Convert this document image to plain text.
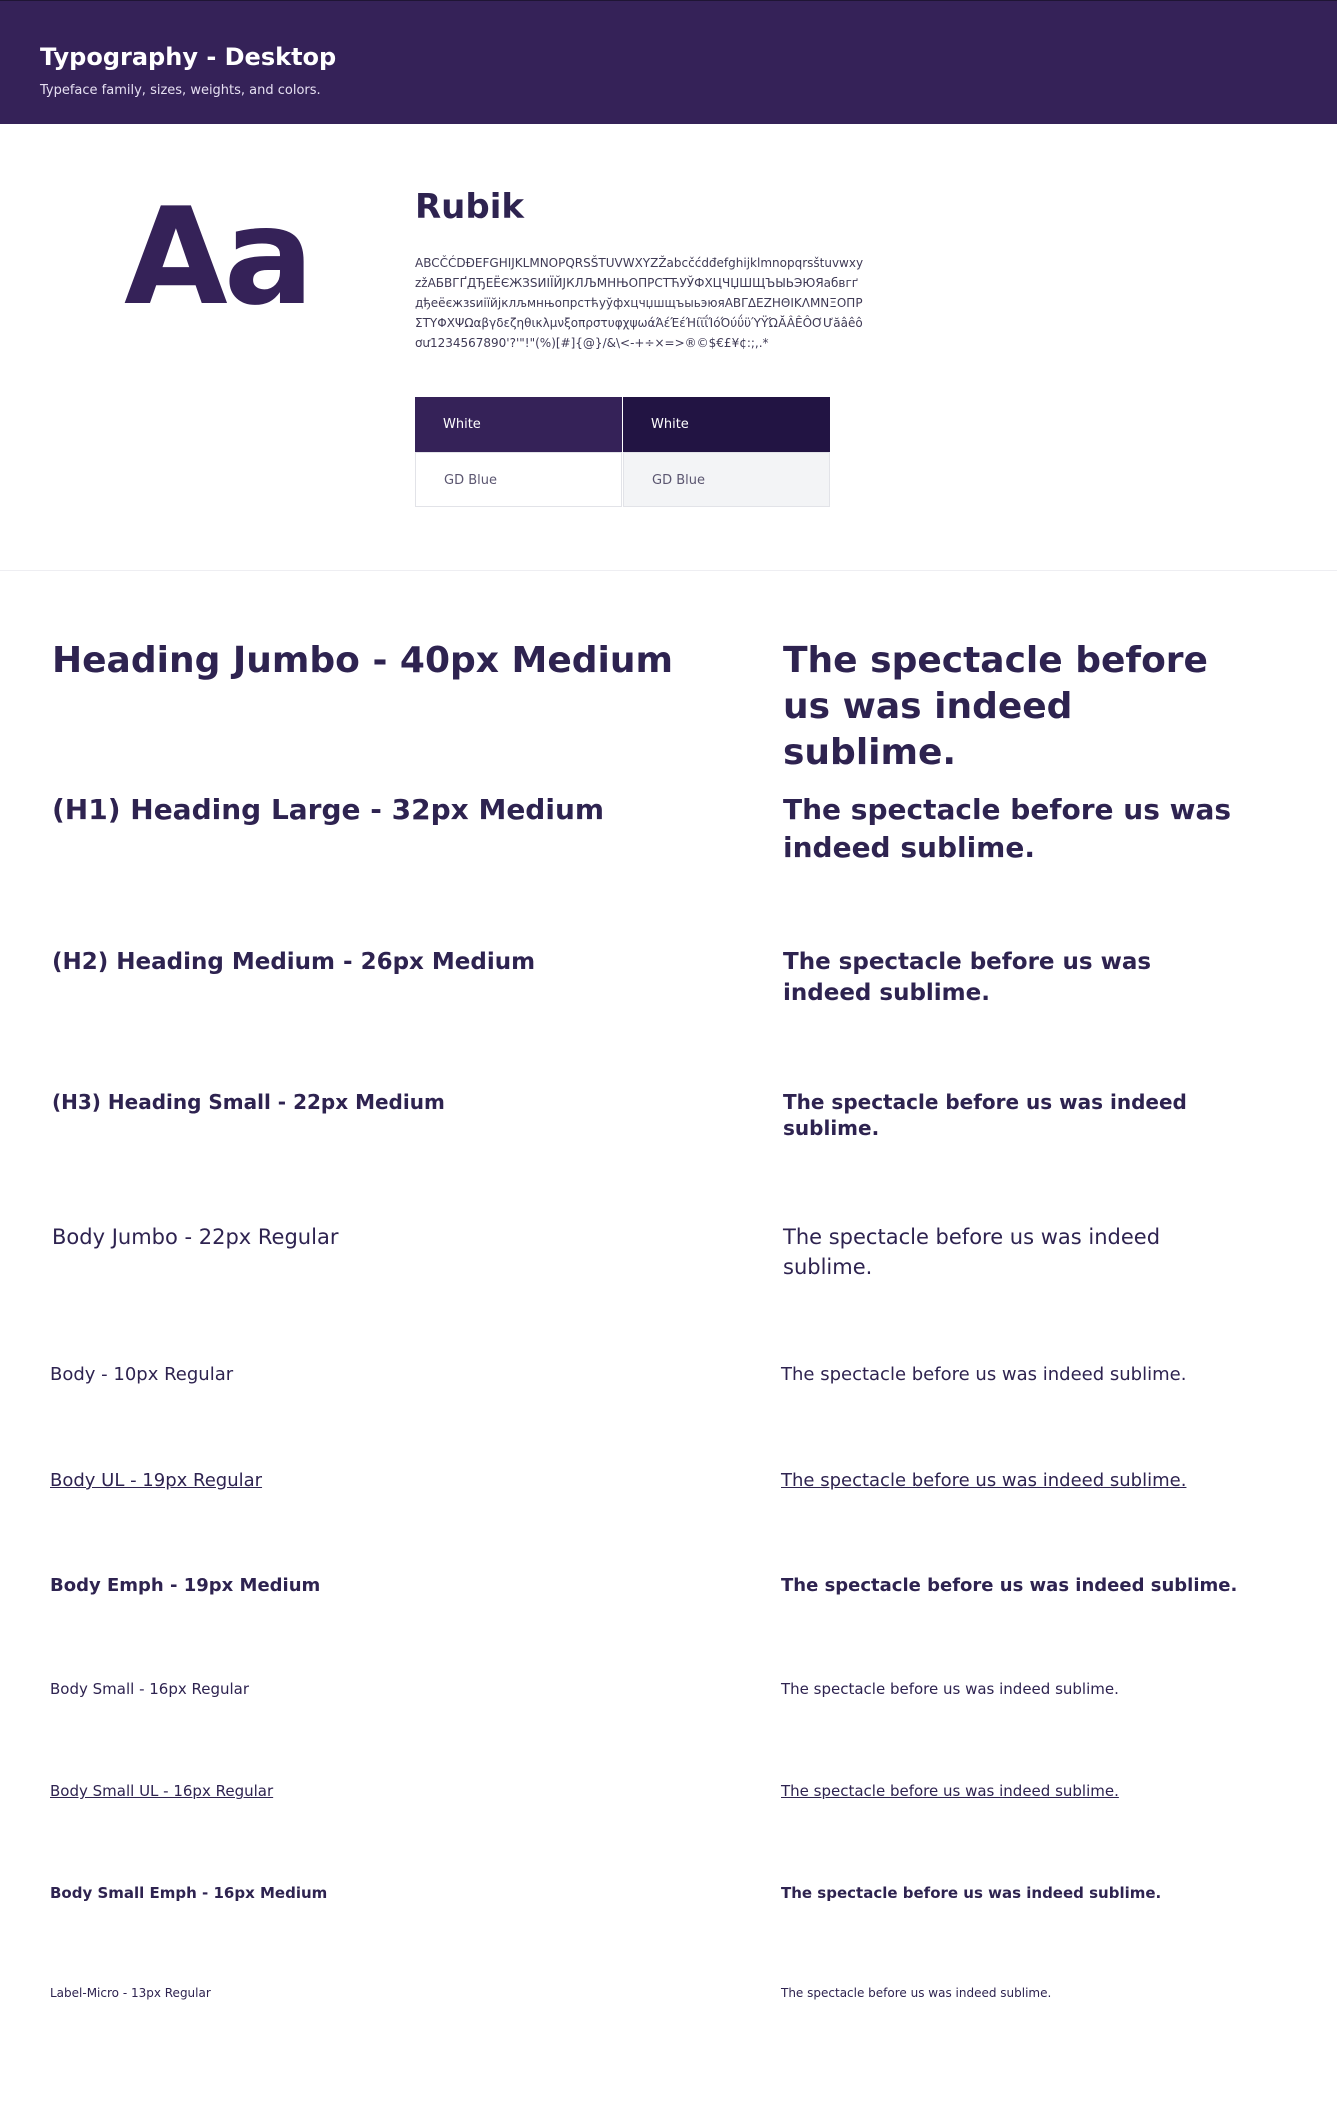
Typography - Desktop
Typeface family, sizes, weights, and colors.
Aa	Rubik
ABCČĆDĐEFGHIJKLMNOPQRSŠTUVWXYZŽabcčćdđefghijklmnopqrsštuvwxyzžАБВГҐДЂЕЁЄЖЗЅИІЇЙЈКЛЉМНЊОПРСТЋУЎФХЦЧЏШЩЪЫЬЭЮЯабвгґдђеёєжзѕиіїйјклљмнњопрстћуўфхцчџшщъыьэюяΑΒΓΔΕΖΗΘΙΚΛΜΝΞΟΠΡΣΤΥΦΧΨΩαβγδεζηθικλμνξοπρστυφχψωάΆέΈέΉίϊΐΊόΌύΰϋΎΫΏĂÂÊÔƠƯăâêôơư1234567890'?'"!"(%)[#]{@}/&\<-+÷×=>®©$€£¥¢:;,.*
White	White
GD Blue	GD Blue
Heading Jumbo - 40px Medium	The spectacle before us was indeed sublime.
(H1) Heading Large - 32px Medium	The spectacle before us was indeed sublime.
(H2) Heading Medium - 26px Medium	The spectacle before us was indeed sublime.
(H3) Heading Small - 22px Medium	The spectacle before us was indeed sublime.
Body Jumbo - 22px Regular	The spectacle before us was indeed sublime.
Body - 10px Regular	The spectacle before us was indeed sublime.
Body UL - 19px Regular	The spectacle before us was indeed sublime.
Body Emph - 19px Medium	The spectacle before us was indeed sublime.
Body Small - 16px Regular	The spectacle before us was indeed sublime.
Body Small UL - 16px Regular	The spectacle before us was indeed sublime.
Body Small Emph - 16px Medium	The spectacle before us was indeed sublime.
Label-Micro - 13px Regular	The spectacle before us was indeed sublime.
